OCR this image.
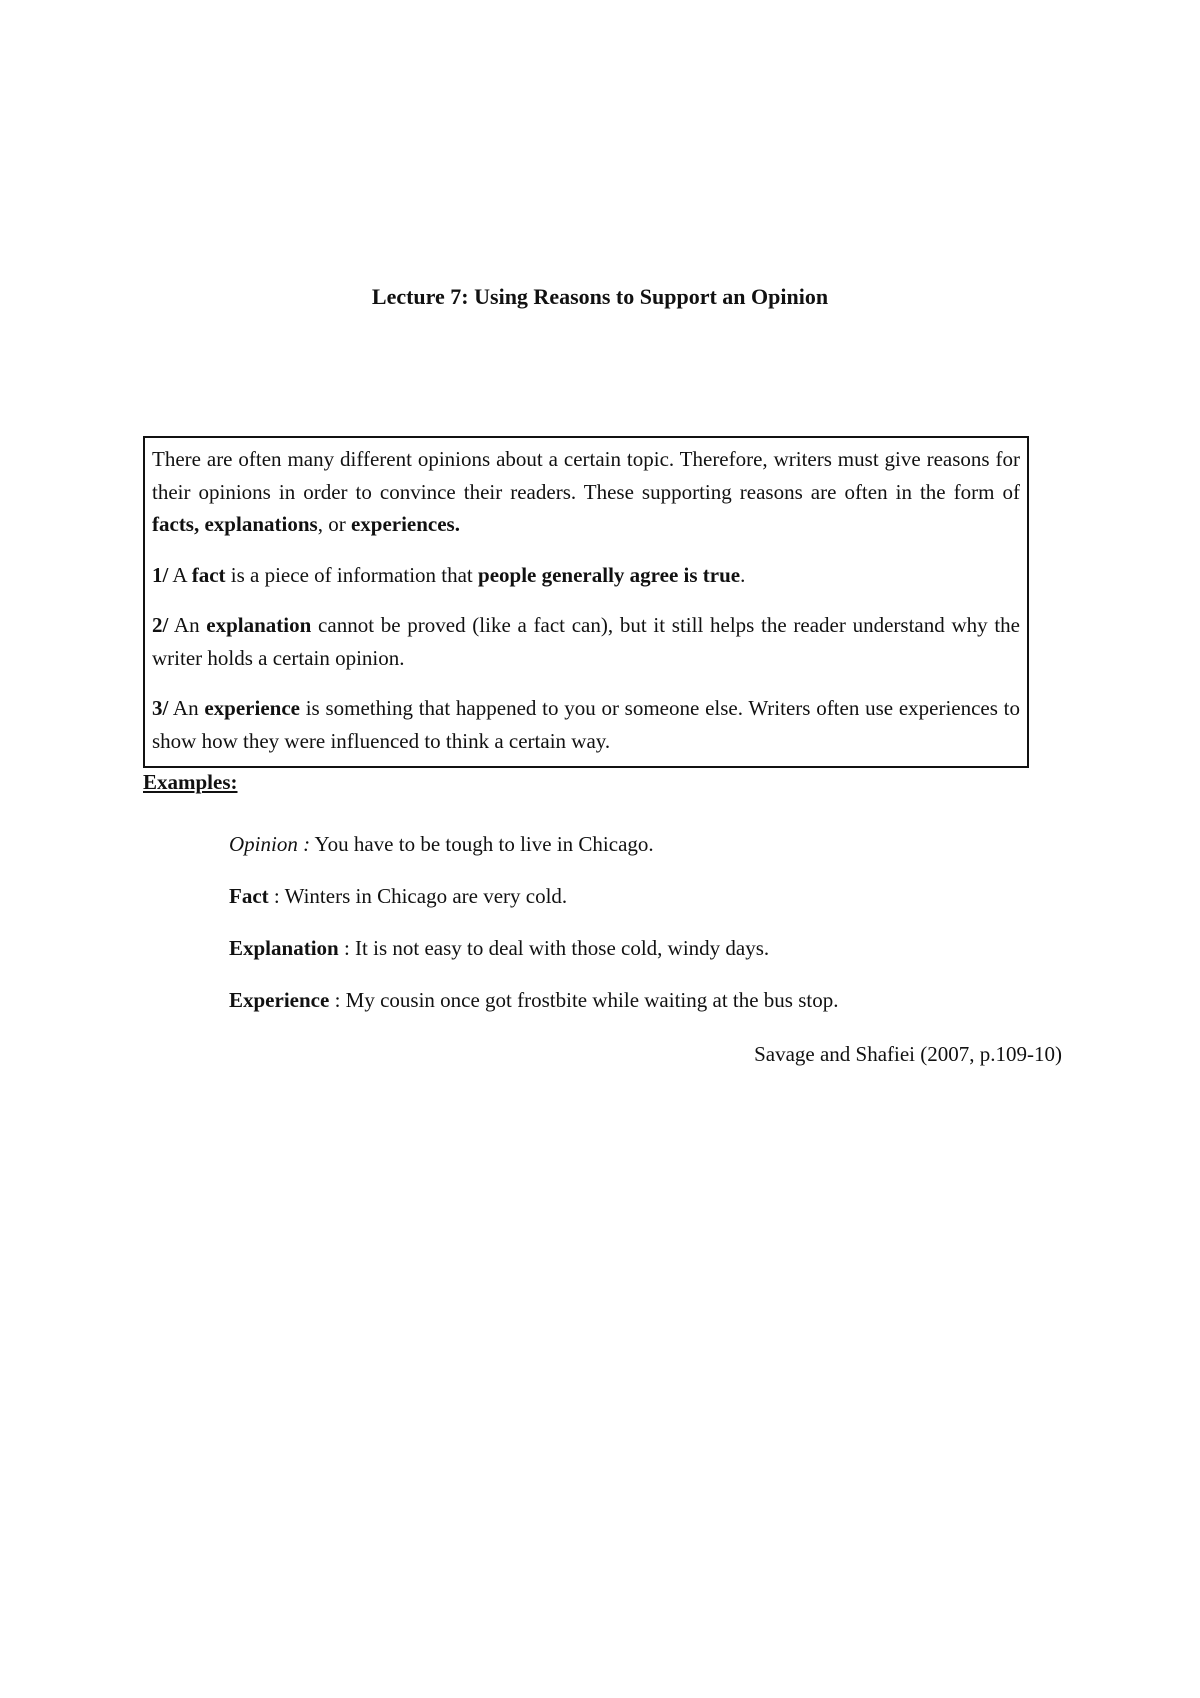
Lecture 7: Using Reasons to Support an Opinion

There are often many different opinions about a certain topic. Therefore, writers must give reasons for their opinions in order to convince their readers. These supporting reasons are often in the form of facts, explanations, or experiences.

1/ A fact is a piece of information that people generally agree is true.

2/ An explanation cannot be proved (like a fact can), but it still helps the reader understand why the writer holds a certain opinion.

3/ An experience is something that happened to you or someone else. Writers often use experiences to show how they were influenced to think a certain way.

Examples:

Opinion : You have to be tough to live in Chicago.

Fact : Winters in Chicago are very cold.

Explanation : It is not easy to deal with those cold, windy days.

Experience : My cousin once got frostbite while waiting at the bus stop.

Savage and Shafiei (2007, p.109-10)
